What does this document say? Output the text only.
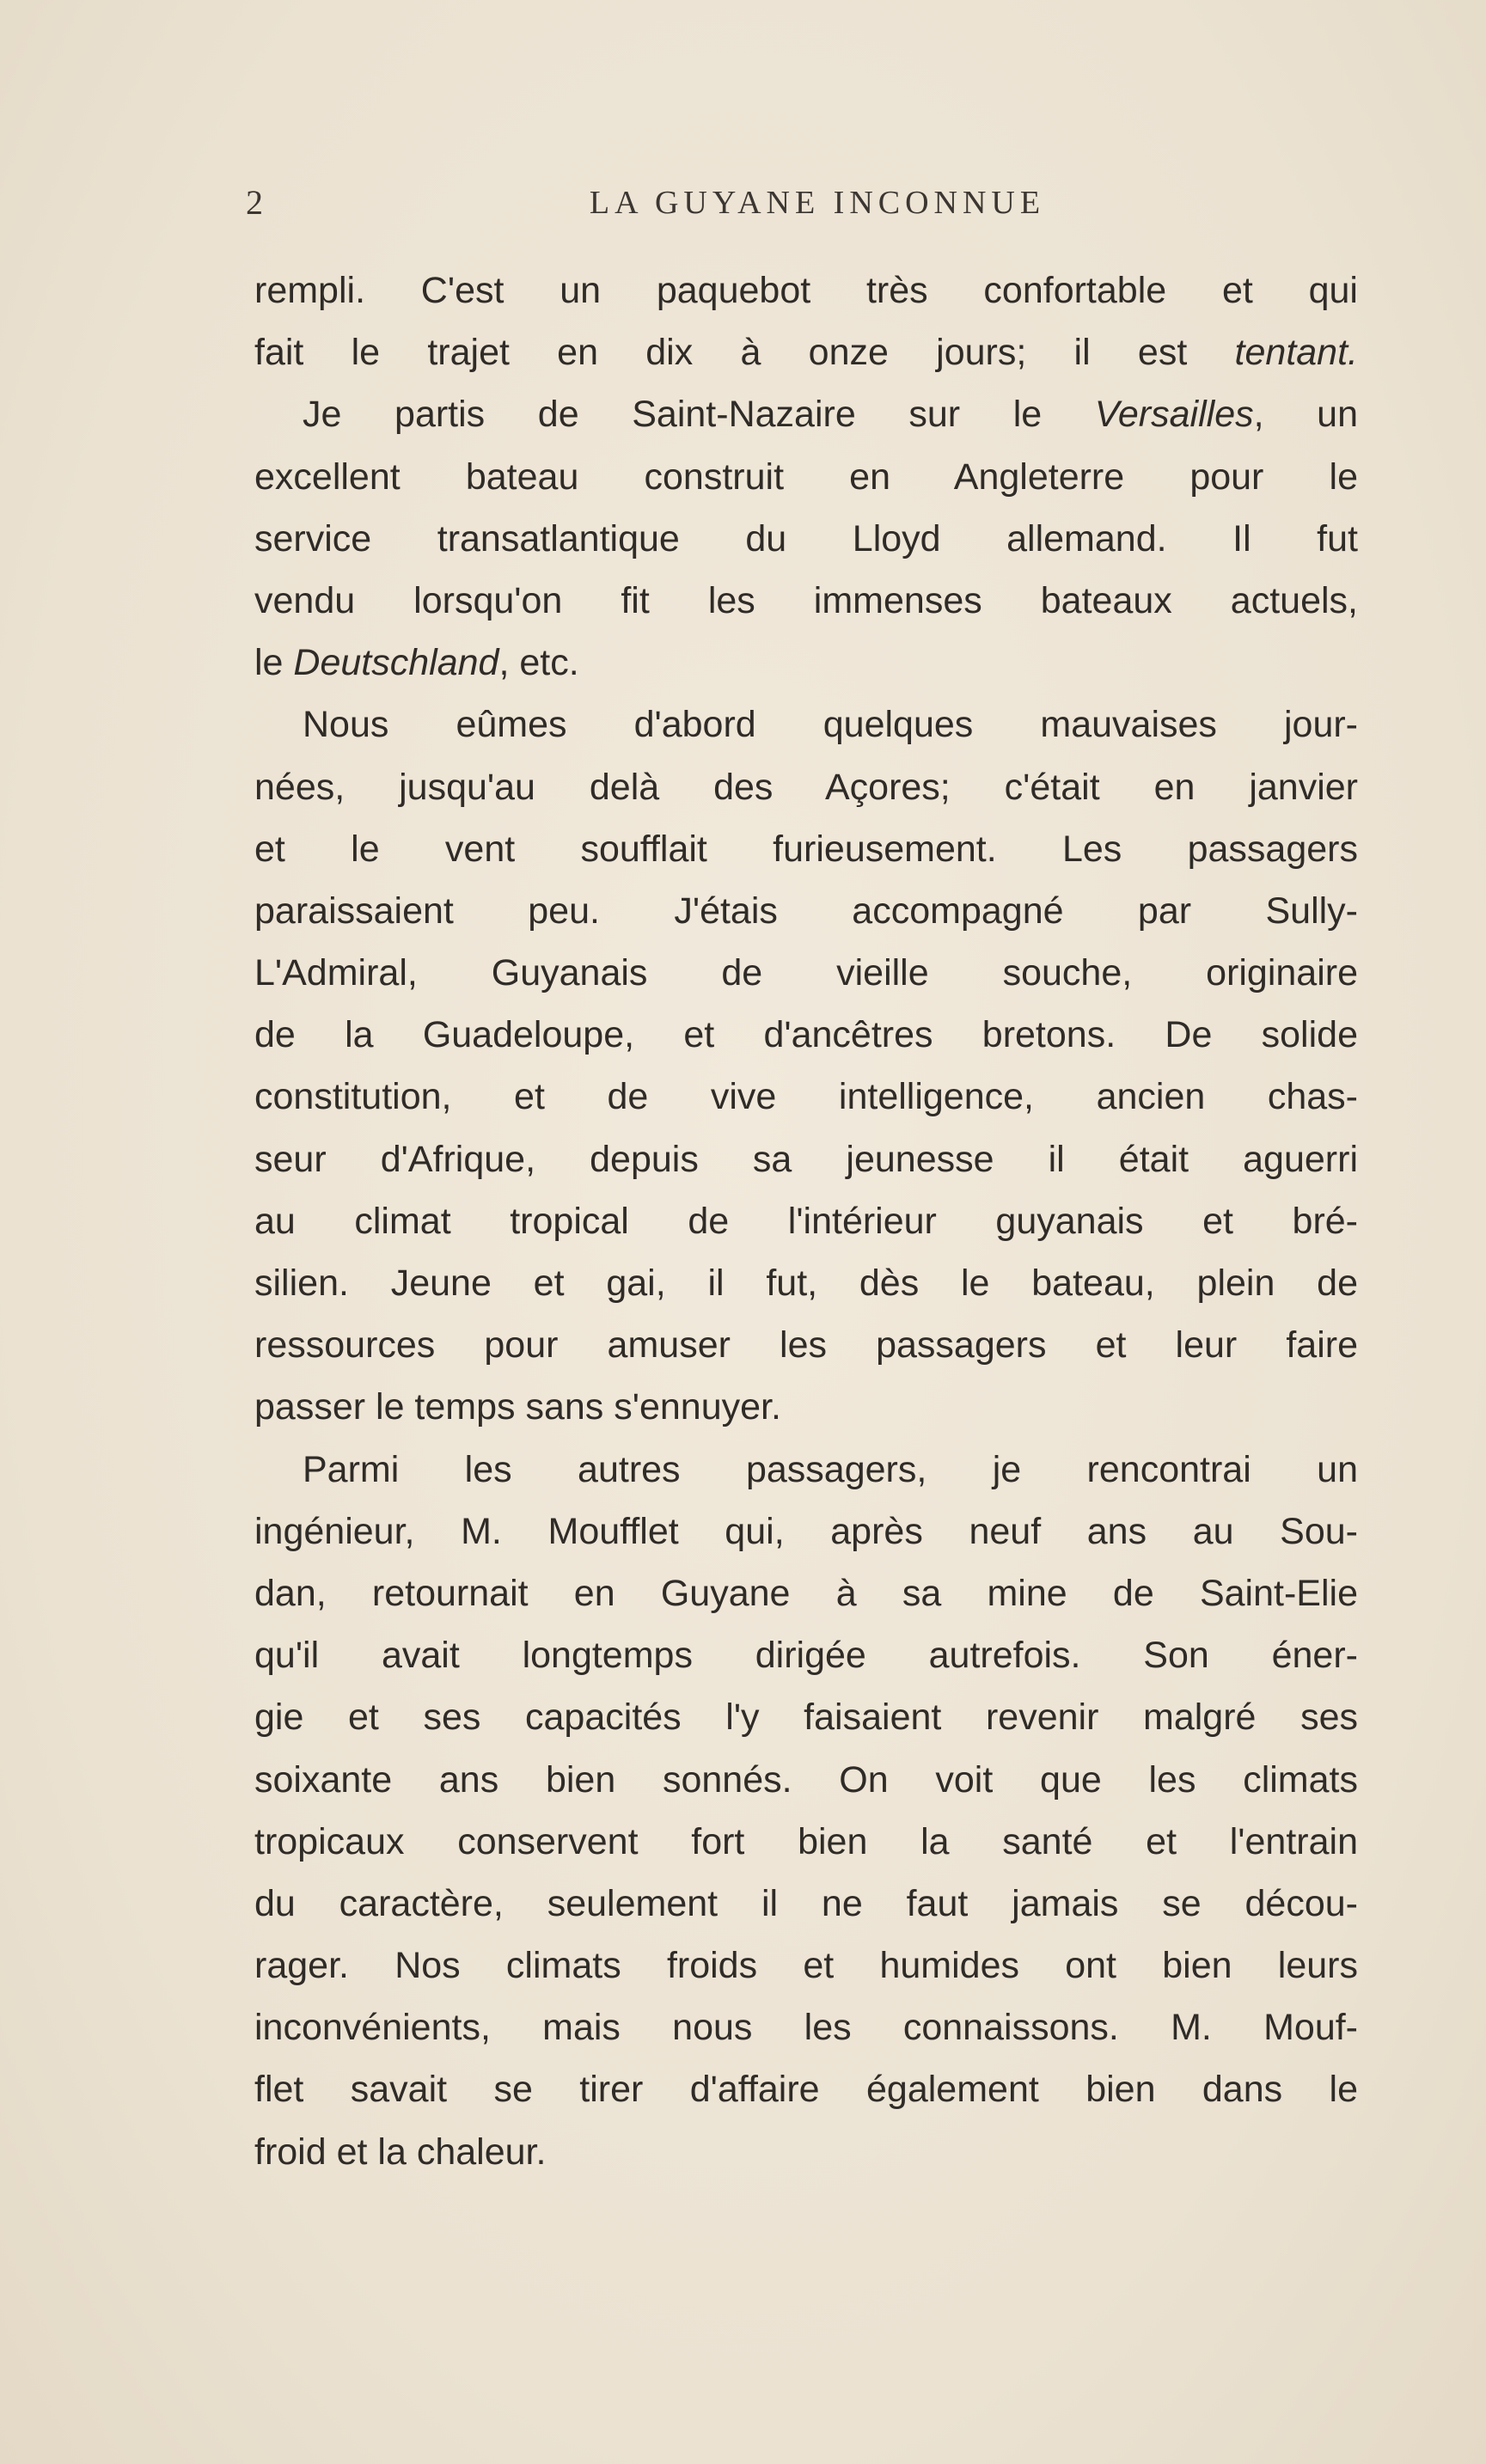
2	LA GUYANE INCONNUE
rempli. C'est un paquebot très confortable et qui
fait le trajet en dix à onze jours; il est tentant.
Je partis de Saint-Nazaire sur le Versailles, un
excellent bateau construit en Angleterre pour le
service transatlantique du Lloyd allemand. Il fut
vendu lorsqu'on fit les immenses bateaux actuels,
le Deutschland, etc.
Nous eûmes d'abord quelques mauvaises jour-
nées, jusqu'au delà des Açores; c'était en janvier
et le vent soufflait furieusement. Les passagers
paraissaient peu. J'étais accompagné par Sully-
L'Admiral, Guyanais de vieille souche, originaire
de la Guadeloupe, et d'ancêtres bretons. De solide
constitution, et de vive intelligence, ancien chas-
seur d'Afrique, depuis sa jeunesse il était aguerri
au climat tropical de l'intérieur guyanais et bré-
silien. Jeune et gai, il fut, dès le bateau, plein de
ressources pour amuser les passagers et leur faire
passer le temps sans s'ennuyer.
Parmi les autres passagers, je rencontrai un
ingénieur, M. Moufflet qui, après neuf ans au Sou-
dan, retournait en Guyane à sa mine de Saint-Elie
qu'il avait longtemps dirigée autrefois. Son éner-
gie et ses capacités l'y faisaient revenir malgré ses
soixante ans bien sonnés. On voit que les climats
tropicaux conservent fort bien la santé et l'entrain
du caractère, seulement il ne faut jamais se décou-
rager. Nos climats froids et humides ont bien leurs
inconvénients, mais nous les connaissons. M. Mouf-
flet savait se tirer d'affaire également bien dans le
froid et la chaleur.
